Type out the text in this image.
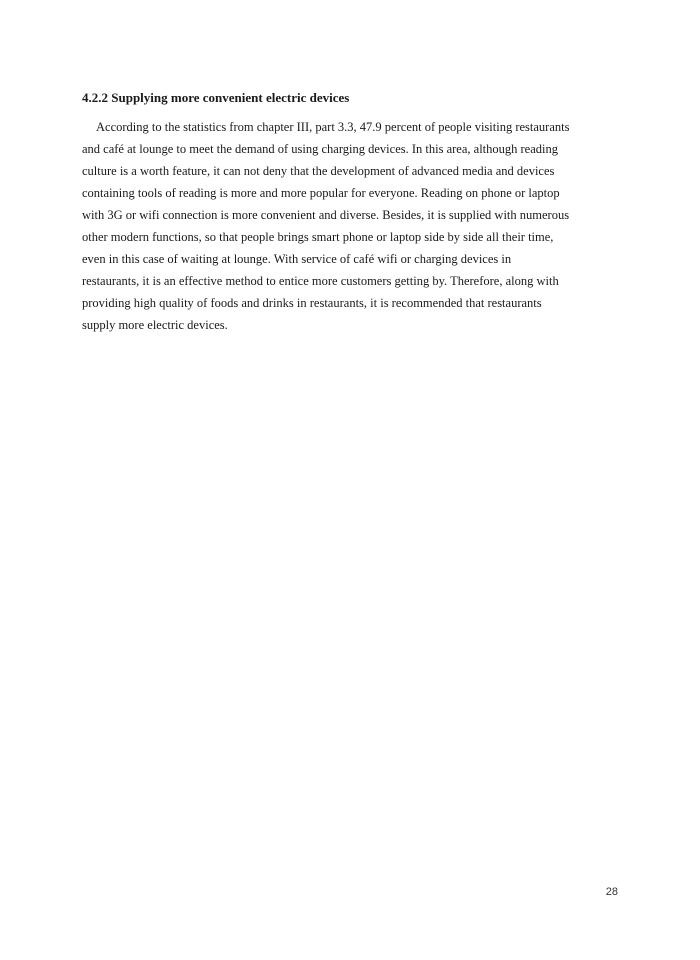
4.2.2 Supplying more convenient electric devices
According to the statistics from chapter III, part 3.3, 47.9 percent of people visiting restaurants
and café at lounge to meet the demand of using charging devices. In this area, although reading
culture is a worth feature, it can not deny that the development of advanced media and devices
containing tools of reading is more and more popular for everyone. Reading on phone or laptop
with 3G or wifi connection is more convenient and diverse. Besides, it is supplied with numerous
other modern functions, so that people brings smart phone or laptop side by side all their time,
even in this case of waiting at lounge. With service of café wifi or charging devices in
restaurants, it is an effective method to entice more customers getting by. Therefore, along with
providing high quality of foods and drinks in restaurants, it is recommended that restaurants
supply more electric devices.
28
